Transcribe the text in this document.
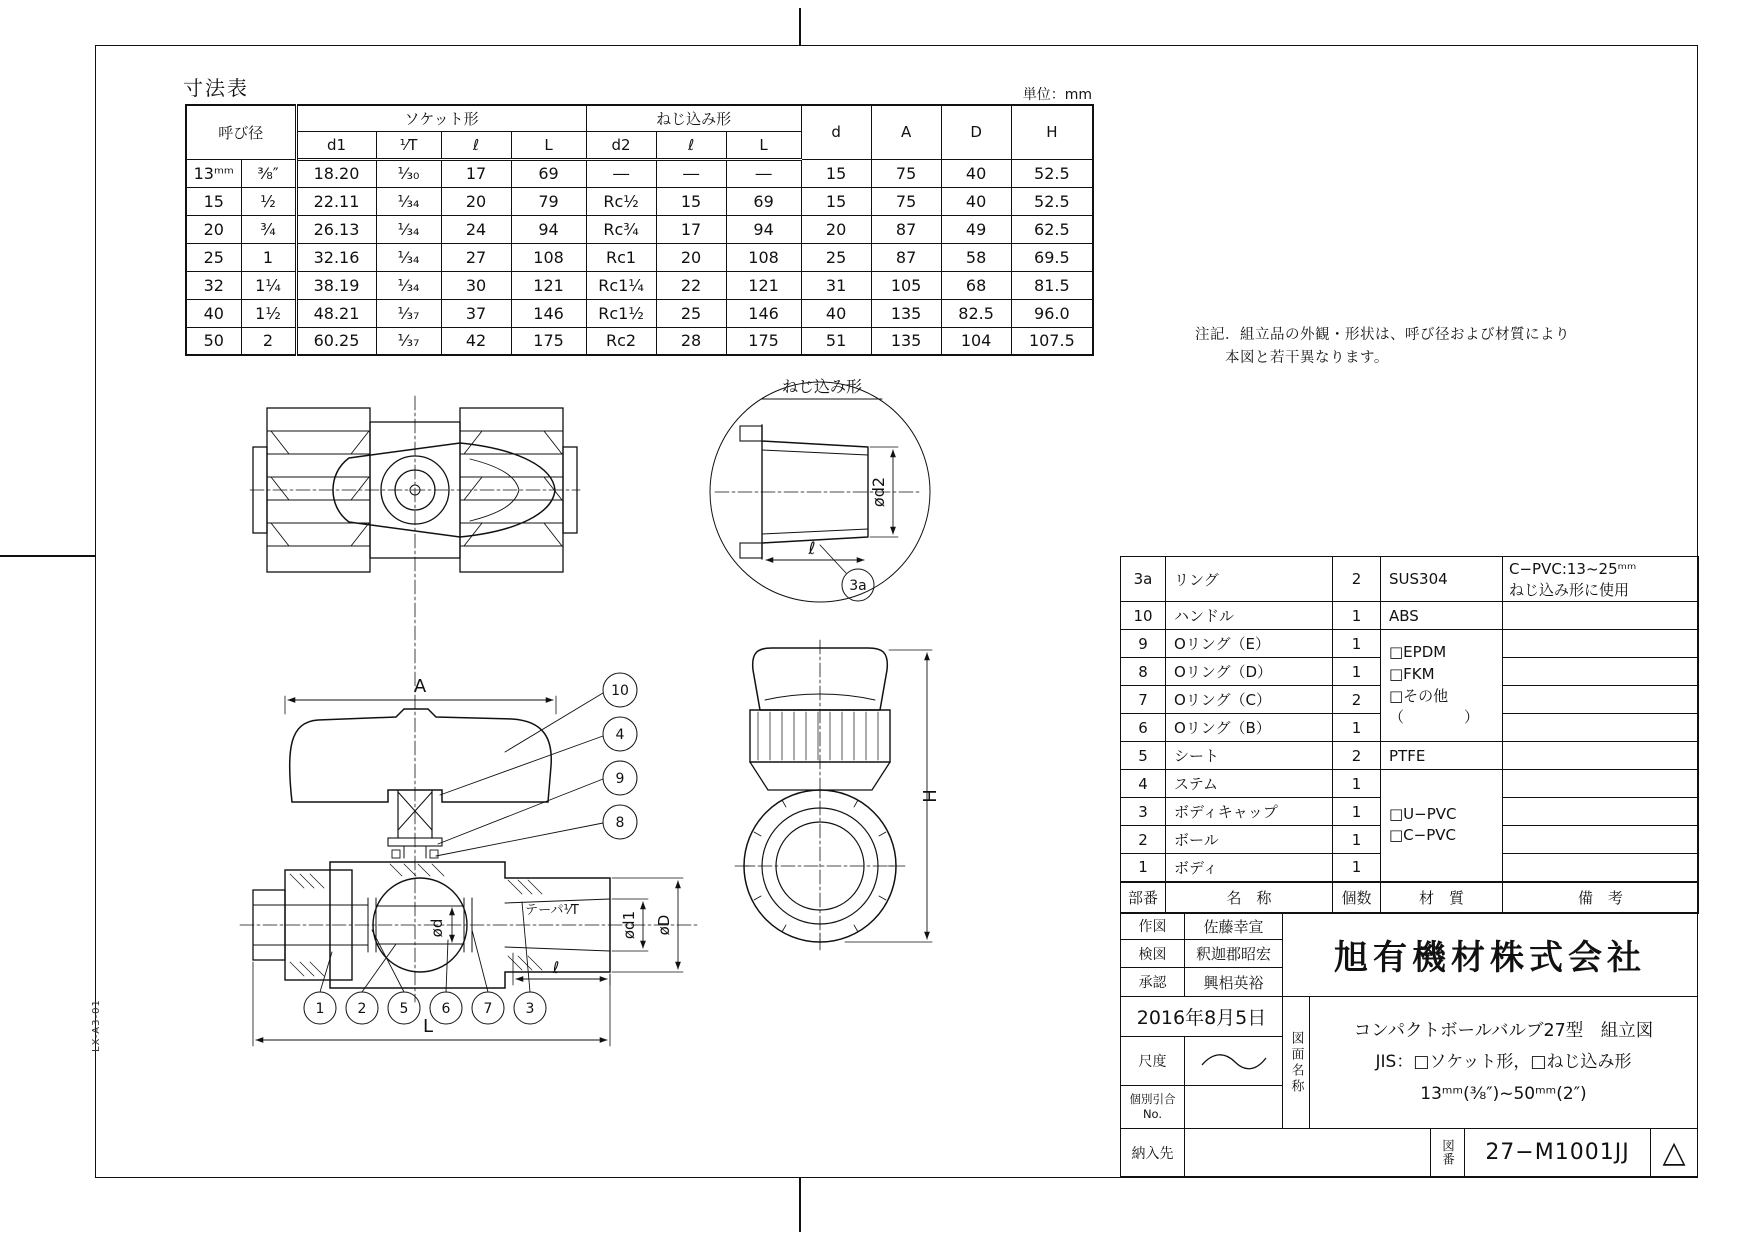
LX-A3-01
寸法表	単位：mm
呼び径		ソケット形				ねじ込み形			d	A	D	H
		d1	¹⁄T	ℓ	L	d2	ℓ	L				
13ᵐᵐ	⅜″	18.20	¹⁄₃₀	17	69	―	―	―	15	75	40	52.5
15	½	22.11	¹⁄₃₄	20	79	Rc½	15	69	15	75	40	52.5
20	¾	26.13	¹⁄₃₄	24	94	Rc¾	17	94	20	87	49	62.5
25	1	32.16	¹⁄₃₄	27	108	Rc1	20	108	25	87	58	69.5
32	1¼	38.19	¹⁄₃₄	30	121	Rc1¼	22	121	31	105	68	81.5
40	1½	48.21	¹⁄₃₇	37	146	Rc1½	25	146	40	135	82.5	96.0
50	2	60.25	¹⁄₃₇	42	175	Rc2	28	175	51	135	104	107.5	注記．組立品の外観・形状は、呼び径および材質により
本図と若干異なります。
ねじ込み形
ℓ
ød2
3a
A
テーパ¹⁄T
ød
ℓ
ød1 øD
L
10
4
9
8
1 2 5 6 7 3
H
3a	リング	2	SUS304	C−PVC:13~25ᵐᵐ
ねじ込み形に使用

10	ハンドル	1	ABS	
9	Oリング（E）	1	□EPDM
□FKM
□その他
（　　　　）	

8	Oリング（D）	1		
7	Oリング（C）	2		
6	Oリング（B）	1		
5	シート	2	PTFE	
4	ステム	1	□U−PVC
□C−PVC	

3	ボディキャップ	1		
2	ボール	1		
1	ボディ	1		
部番	名　称	個数	材　質	備　考
作図 佐藤幸宣
検図 釈迦郡昭宏
承認 興梠英裕
2016年8月5日
尺度
個別引合
No.
図面名称
旭有機材株式会社
コンパクトボールバルブ27型　組立図
JIS：□ソケット形，□ねじ込み形
13ᵐᵐ(⅜″)~50ᵐᵐ(2″)
納入先	図番 27−M1001JJ △
